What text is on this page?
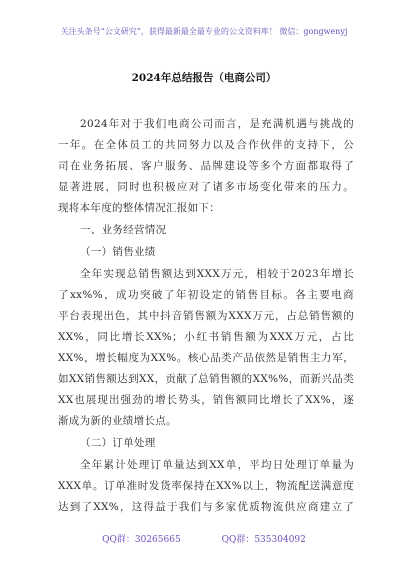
关注头条号“公文研究”，获得最新最全最专业的公文资料库！ 微信：gongwenyj
2024年总结报告（电商公司）
2024年对于我们电商公司而言，是充满机遇与挑战的
一年。在全体员工的共同努力以及合作伙伴的支持下，公
司在业务拓展、客户服务、品牌建设等多个方面都取得了
显著进展，同时也积极应对了诸多市场变化带来的压力。
现将本年度的整体情况汇报如下：
一、业务经营情况
（一）销售业绩
全年实现总销售额达到XXX万元，相较于2023年增长
了xx%%，成功突破了年初设定的销售目标。各主要电商
平台表现出色，其中抖音销售额为XXX万元，占总销售额的
XX%，同比增长XX%；小红书销售额为XXX万元，占比
XX%，增长幅度为XX%。核心品类产品依然是销售主力军，
如XX销售额达到XX，贡献了总销售额的XX%%，而新兴品类
XX也展现出强劲的增长势头，销售额同比增长了XX%，逐
渐成为新的业绩增长点。
（二）订单处理
全年累计处理订单量达到XX单，平均日处理订单量为
XXX单。订单准时发货率保持在XX%以上，物流配送满意度
达到了XX%，这得益于我们与多家优质物流供应商建立了
QQ群：30265665	QQ群：535304092
